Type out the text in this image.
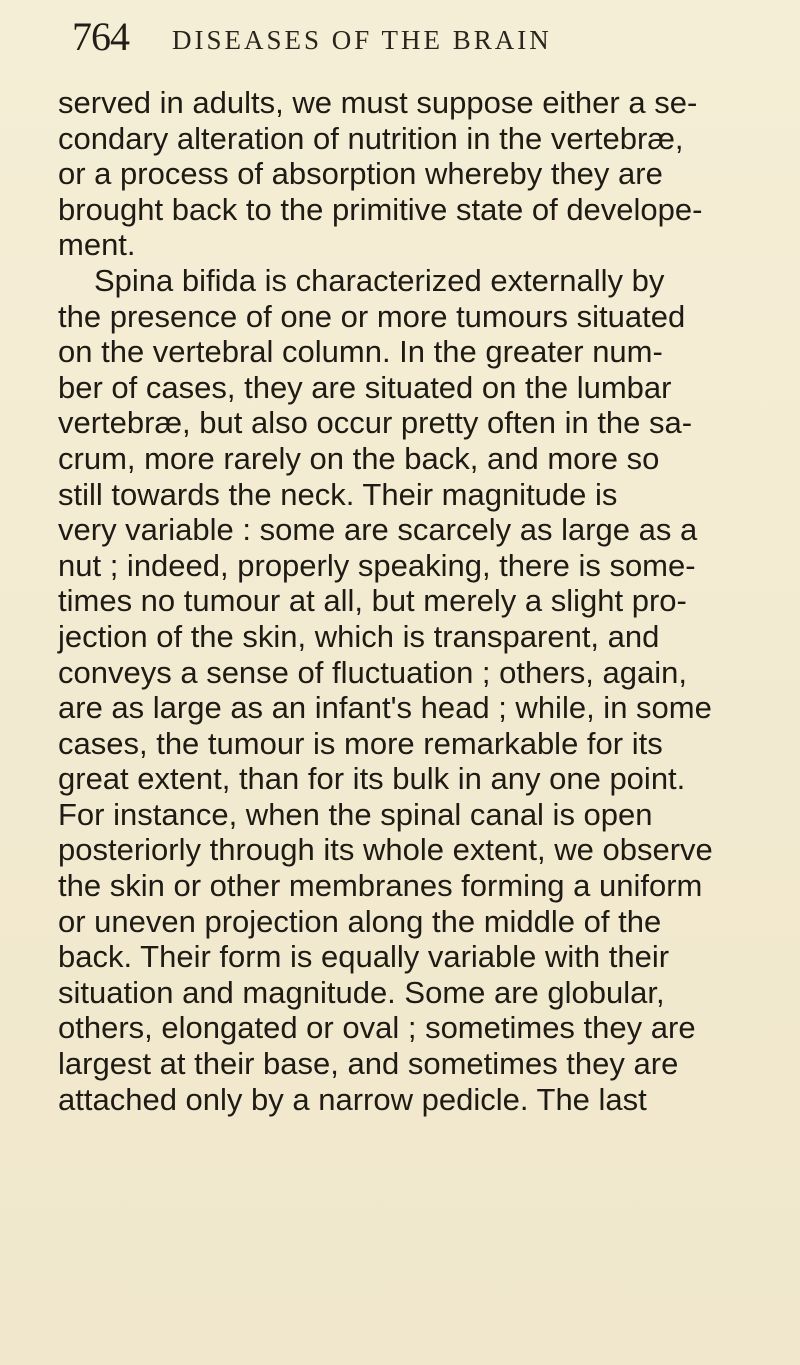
764 DISEASES OF THE BRAIN
served in adults, we must suppose either a se-
condary alteration of nutrition in the vertebræ,
or a process of absorption whereby they are
brought back to the primitive state of develope-
ment.
Spina bifida is characterized externally by
the presence of one or more tumours situated
on the vertebral column. In the greater num-
ber of cases, they are situated on the lumbar
vertebræ, but also occur pretty often in the sa-
crum, more rarely on the back, and more so
still towards the neck. Their magnitude is
very variable : some are scarcely as large as a
nut ; indeed, properly speaking, there is some-
times no tumour at all, but merely a slight pro-
jection of the skin, which is transparent, and
conveys a sense of fluctuation ; others, again,
are as large as an infant's head ; while, in some
cases, the tumour is more remarkable for its
great extent, than for its bulk in any one point.
For instance, when the spinal canal is open
posteriorly through its whole extent, we observe
the skin or other membranes forming a uniform
or uneven projection along the middle of the
back. Their form is equally variable with their
situation and magnitude. Some are globular,
others, elongated or oval ; sometimes they are
largest at their base, and sometimes they are
attached only by a narrow pedicle. The last
